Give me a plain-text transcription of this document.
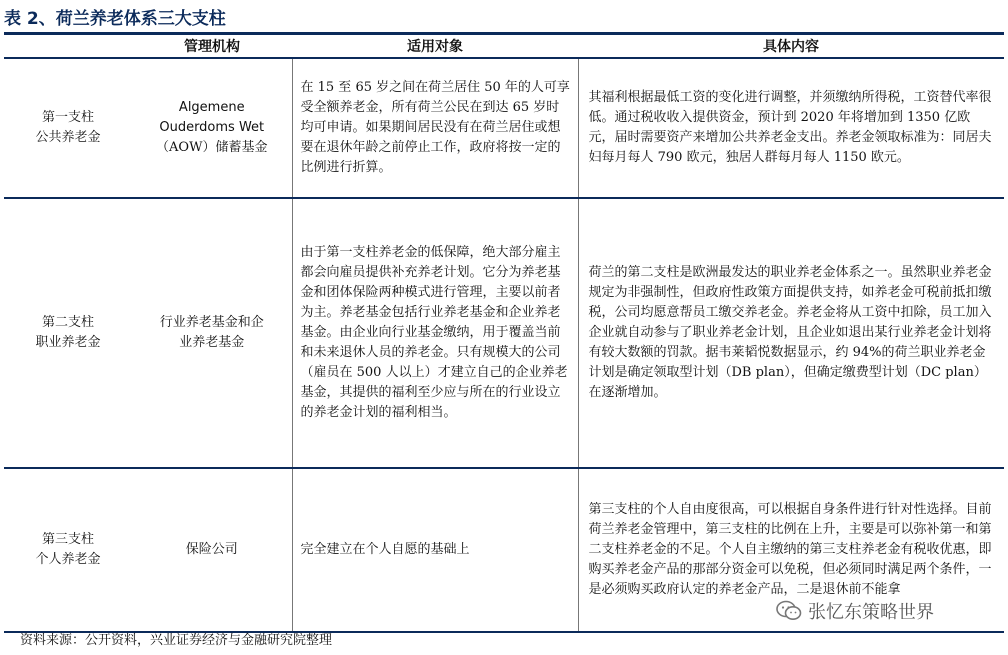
表 2、荷兰养老体系三大支柱
	管理机构	适用对象	具体内容

第一支柱
公共养老金	Algemene
Ouderdoms Wet
（AOW）储蓄基金	在 15 至 65 岁之间在荷兰居住 50 年的人可享受全额养老金，所有荷兰公民在到达 65 岁时均可申请。如果期间居民没有在荷兰居住或想要在退休年龄之前停止工作，政府将按一定的比例进行折算。	其福利根据最低工资的变化进行调整，并须缴纳所得税，工资替代率很低。通过税收收入提供资金，预计到 2020 年将增加到 1350 亿欧元，届时需要资产来增加公共养老金支出。养老金领取标准为：同居夫妇每月每人 790 欧元，独居人群每月每人 1150 欧元。

第二支柱
职业养老金	行业养老基金和企
业养老基金	由于第一支柱养老金的低保障，绝大部分雇主都会向雇员提供补充养老计划。它分为养老基金和团体保险两种模式进行管理，主要以前者为主。养老基金包括行业养老基金和企业养老基金。由企业向行业基金缴纳，用于覆盖当前和未来退休人员的养老金。只有规模大的公司（雇员在 500 人以上）才建立自己的企业养老基金，其提供的福利至少应与所在的行业设立的养老金计划的福利相当。	荷兰的第二支柱是欧洲最发达的职业养老金体系之一。虽然职业养老金规定为非强制性，但政府性政策方面提供支持，如养老金可税前抵扣缴税，公司均愿意帮员工缴交养老金。养老金将从工资中扣除，员工加入企业就自动参与了职业养老金计划，且企业如退出某行业养老金计划将有较大数额的罚款。据韦莱韬悦数据显示，约 94%的荷兰职业养老金计划是确定领取型计划（DB plan），但确定缴费型计划（DC plan）在逐渐增加。

第三支柱
个人养老金	保险公司	完全建立在个人自愿的基础上	第三支柱的个人自由度很高，可以根据自身条件进行针对性选择。目前荷兰养老金管理中，第三支柱的比例在上升，主要是可以弥补第一和第二支柱养老金的不足。个人自主缴纳的第三支柱养老金有税收优惠，即购买养老金产品的那部分资金可以免税，但必须同时满足两个条件，一是必须购买政府认定的养老金产品，二是退休前不能拿
张忆东策略世界
资料来源：公开资料，兴业证券经济与金融研究院整理
